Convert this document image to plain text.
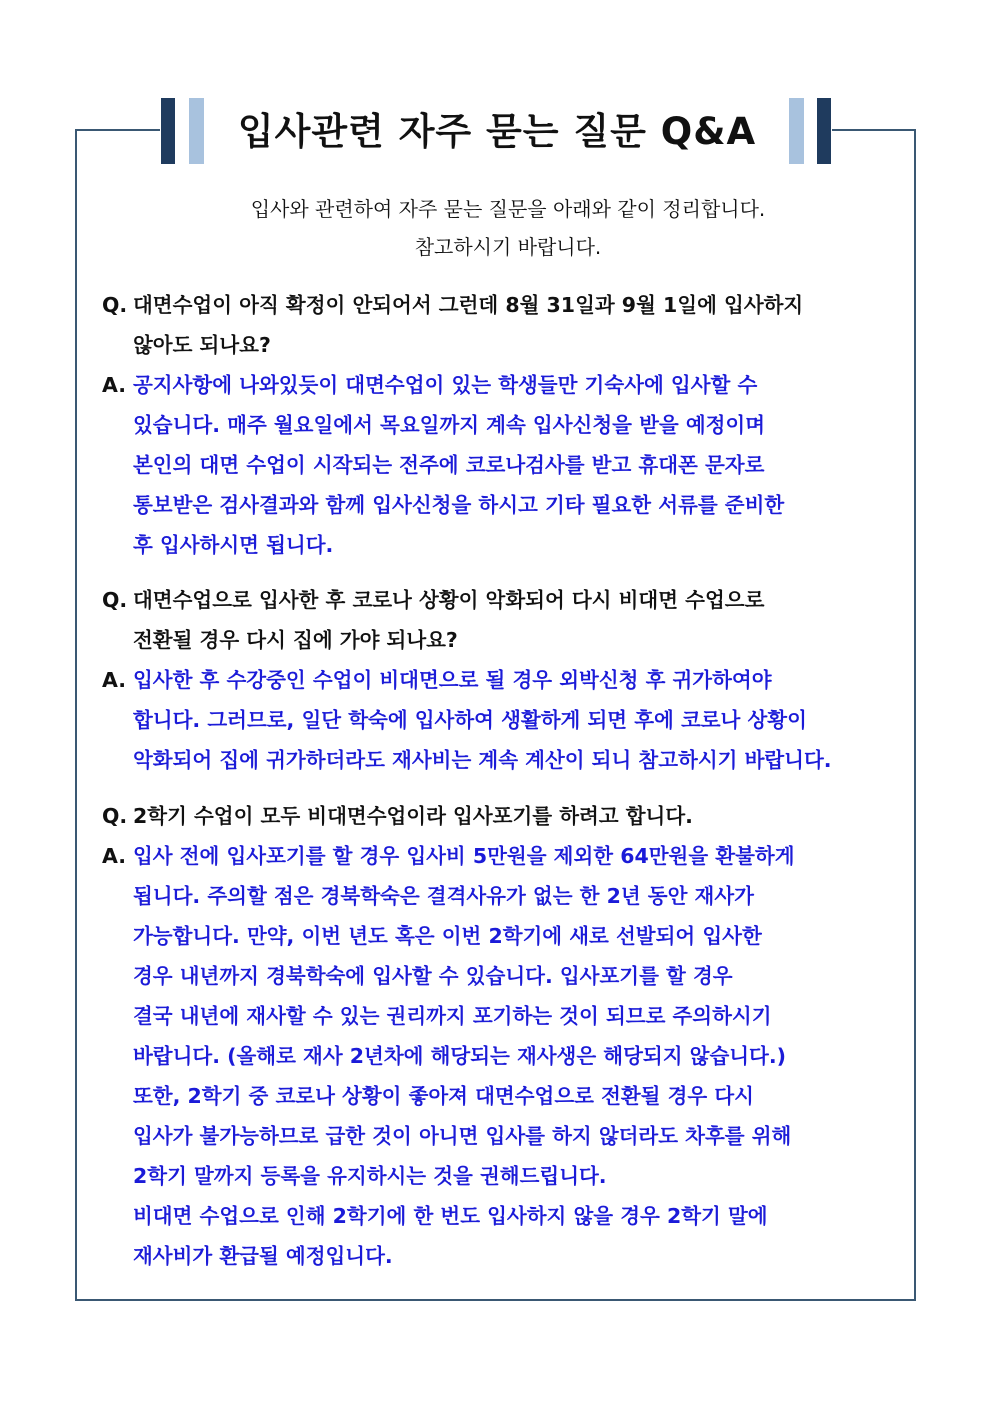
입사관련 자주 묻는 질문 Q&A
입사와 관련하여 자주 묻는 질문을 아래와 같이 정리합니다.
참고하시기 바랍니다.
Q. 대면수업이 아직 확정이 안되어서 그런데 8월 31일과 9월 1일에 입사하지
않아도 되나요?
A. 공지사항에 나와있듯이 대면수업이 있는 학생들만 기숙사에 입사할 수
있습니다. 매주 월요일에서 목요일까지 계속 입사신청을 받을 예정이며
본인의 대면 수업이 시작되는 전주에 코로나검사를 받고 휴대폰 문자로
통보받은 검사결과와 함께 입사신청을 하시고 기타 필요한 서류를 준비한
후 입사하시면 됩니다.
Q. 대면수업으로 입사한 후 코로나 상황이 악화되어 다시 비대면 수업으로
전환될 경우 다시 집에 가야 되나요?
A. 입사한 후 수강중인 수업이 비대면으로 될 경우 외박신청 후 귀가하여야
합니다. 그러므로, 일단 학숙에 입사하여 생활하게 되면 후에 코로나 상황이
악화되어 집에 귀가하더라도 재사비는 계속 계산이 되니 참고하시기 바랍니다.
Q. 2학기 수업이 모두 비대면수업이라 입사포기를 하려고 합니다.
A. 입사 전에 입사포기를 할 경우 입사비 5만원을 제외한 64만원을 환불하게
됩니다. 주의할 점은 경북학숙은 결격사유가 없는 한 2년 동안 재사가
가능합니다. 만약, 이번 년도 혹은 이번 2학기에 새로 선발되어 입사한
경우 내년까지 경북학숙에 입사할 수 있습니다. 입사포기를 할 경우
결국 내년에 재사할 수 있는 권리까지 포기하는 것이 되므로 주의하시기
바랍니다. (올해로 재사 2년차에 해당되는 재사생은 해당되지 않습니다.)
또한, 2학기 중 코로나 상황이 좋아져 대면수업으로 전환될 경우 다시
입사가 불가능하므로 급한 것이 아니면 입사를 하지 않더라도 차후를 위해
2학기 말까지 등록을 유지하시는 것을 권해드립니다.
비대면 수업으로 인해 2학기에 한 번도 입사하지 않을 경우 2학기 말에
재사비가 환급될 예정입니다.
